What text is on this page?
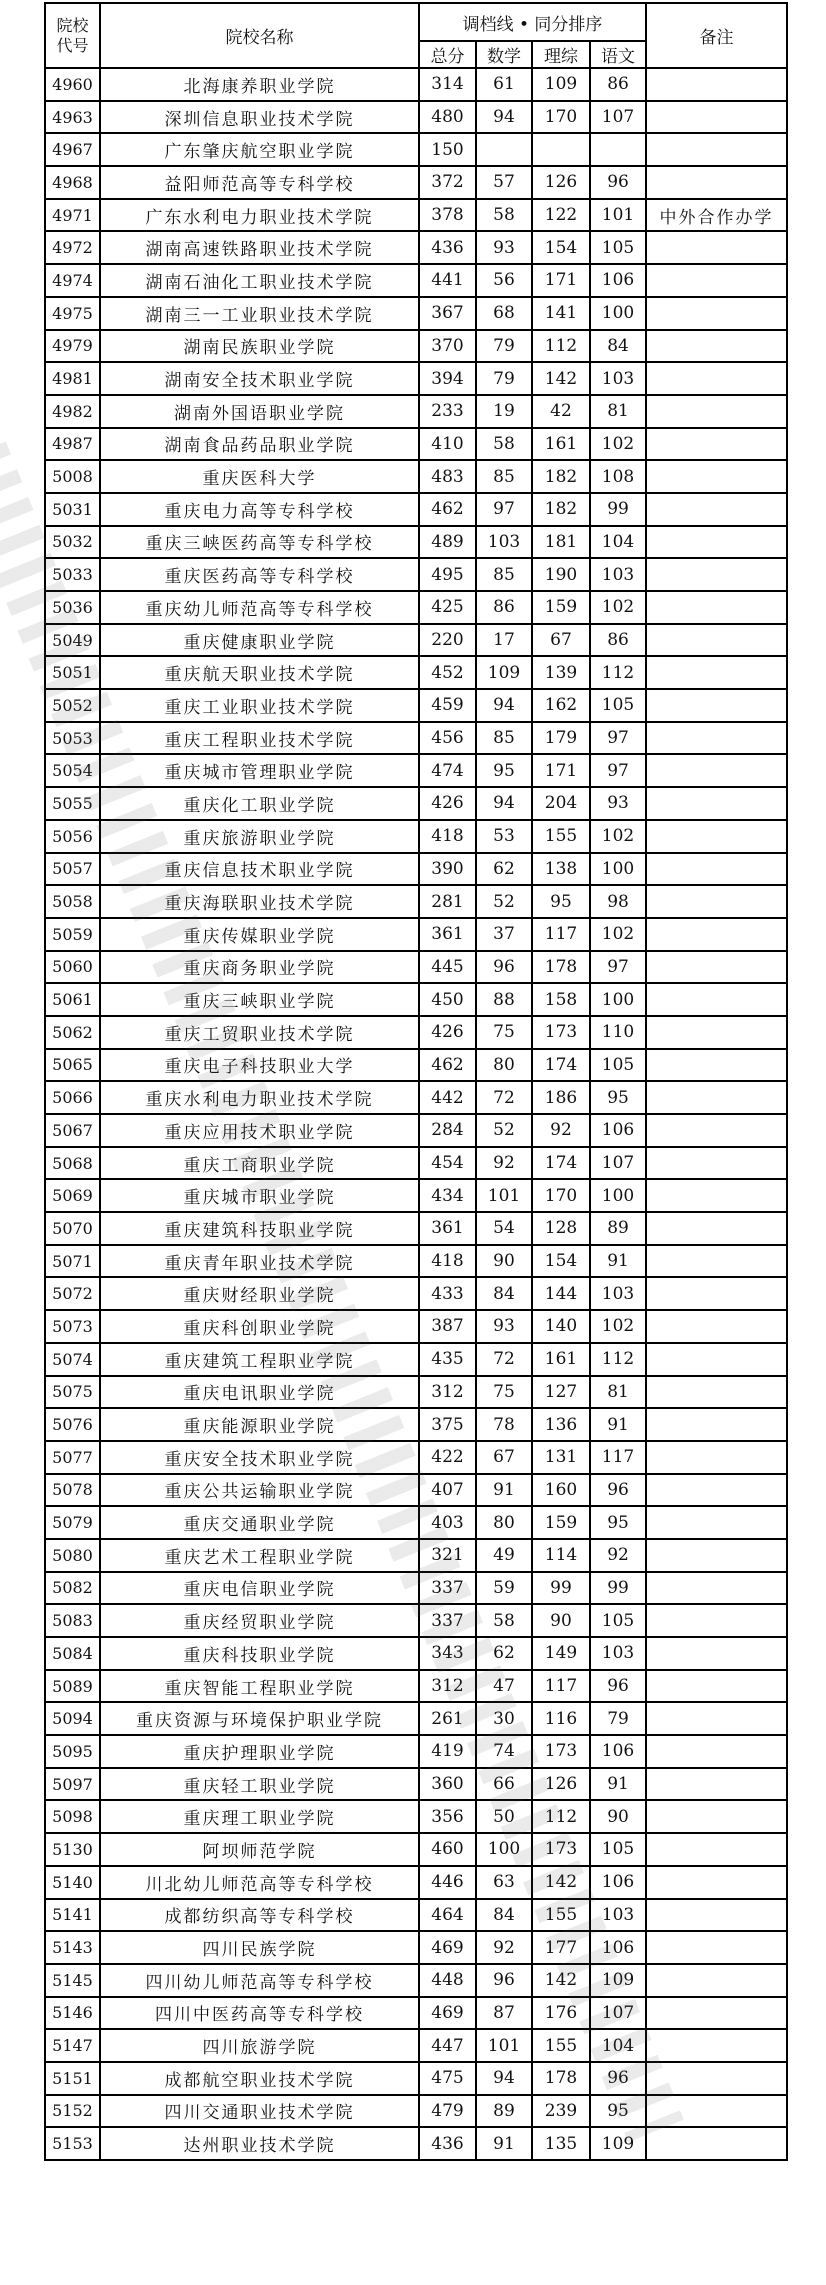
院校代号	院校名称	调档线 • 同分排序				备注
		总分	数学	理综	语文	
4960	北海康养职业学院	314	61	109	86	
4963	深圳信息职业技术学院	480	94	170	107	
4967	广东肇庆航空职业学院	150				
4968	益阳师范高等专科学校	372	57	126	96	
4971	广东水利电力职业技术学院	378	58	122	101	中外合作办学
4972	湖南高速铁路职业技术学院	436	93	154	105	
4974	湖南石油化工职业技术学院	441	56	171	106	
4975	湖南三一工业职业技术学院	367	68	141	100	
4979	湖南民族职业学院	370	79	112	84	
4981	湖南安全技术职业学院	394	79	142	103	
4982	湖南外国语职业学院	233	19	42	81	
4987	湖南食品药品职业学院	410	58	161	102	
5008	重庆医科大学	483	85	182	108	
5031	重庆电力高等专科学校	462	97	182	99	
5032	重庆三峡医药高等专科学校	489	103	181	104	
5033	重庆医药高等专科学校	495	85	190	103	
5036	重庆幼儿师范高等专科学校	425	86	159	102	
5049	重庆健康职业学院	220	17	67	86	
5051	重庆航天职业技术学院	452	109	139	112	
5052	重庆工业职业技术学院	459	94	162	105	
5053	重庆工程职业技术学院	456	85	179	97	
5054	重庆城市管理职业学院	474	95	171	97	
5055	重庆化工职业学院	426	94	204	93	
5056	重庆旅游职业学院	418	53	155	102	
5057	重庆信息技术职业学院	390	62	138	100	
5058	重庆海联职业技术学院	281	52	95	98	
5059	重庆传媒职业学院	361	37	117	102	
5060	重庆商务职业学院	445	96	178	97	
5061	重庆三峡职业学院	450	88	158	100	
5062	重庆工贸职业技术学院	426	75	173	110	
5065	重庆电子科技职业大学	462	80	174	105	
5066	重庆水利电力职业技术学院	442	72	186	95	
5067	重庆应用技术职业学院	284	52	92	106	
5068	重庆工商职业学院	454	92	174	107	
5069	重庆城市职业学院	434	101	170	100	
5070	重庆建筑科技职业学院	361	54	128	89	
5071	重庆青年职业技术学院	418	90	154	91	
5072	重庆财经职业学院	433	84	144	103	
5073	重庆科创职业学院	387	93	140	102	
5074	重庆建筑工程职业学院	435	72	161	112	
5075	重庆电讯职业学院	312	75	127	81	
5076	重庆能源职业学院	375	78	136	91	
5077	重庆安全技术职业学院	422	67	131	117	
5078	重庆公共运输职业学院	407	91	160	96	
5079	重庆交通职业学院	403	80	159	95	
5080	重庆艺术工程职业学院	321	49	114	92	
5082	重庆电信职业学院	337	59	99	99	
5083	重庆经贸职业学院	337	58	90	105	
5084	重庆科技职业学院	343	62	149	103	
5089	重庆智能工程职业学院	312	47	117	96	
5094	重庆资源与环境保护职业学院	261	30	116	79	
5095	重庆护理职业学院	419	74	173	106	
5097	重庆轻工职业学院	360	66	126	91	
5098	重庆理工职业学院	356	50	112	90	
5130	阿坝师范学院	460	100	173	105	
5140	川北幼儿师范高等专科学校	446	63	142	106	
5141	成都纺织高等专科学校	464	84	155	103	
5143	四川民族学院	469	92	177	106	
5145	四川幼儿师范高等专科学校	448	96	142	109	
5146	四川中医药高等专科学校	469	87	176	107	
5147	四川旅游学院	447	101	155	104	
5151	成都航空职业技术学院	475	94	178	96	
5152	四川交通职业技术学院	479	89	239	95	
5153	达州职业技术学院	436	91	135	109	
